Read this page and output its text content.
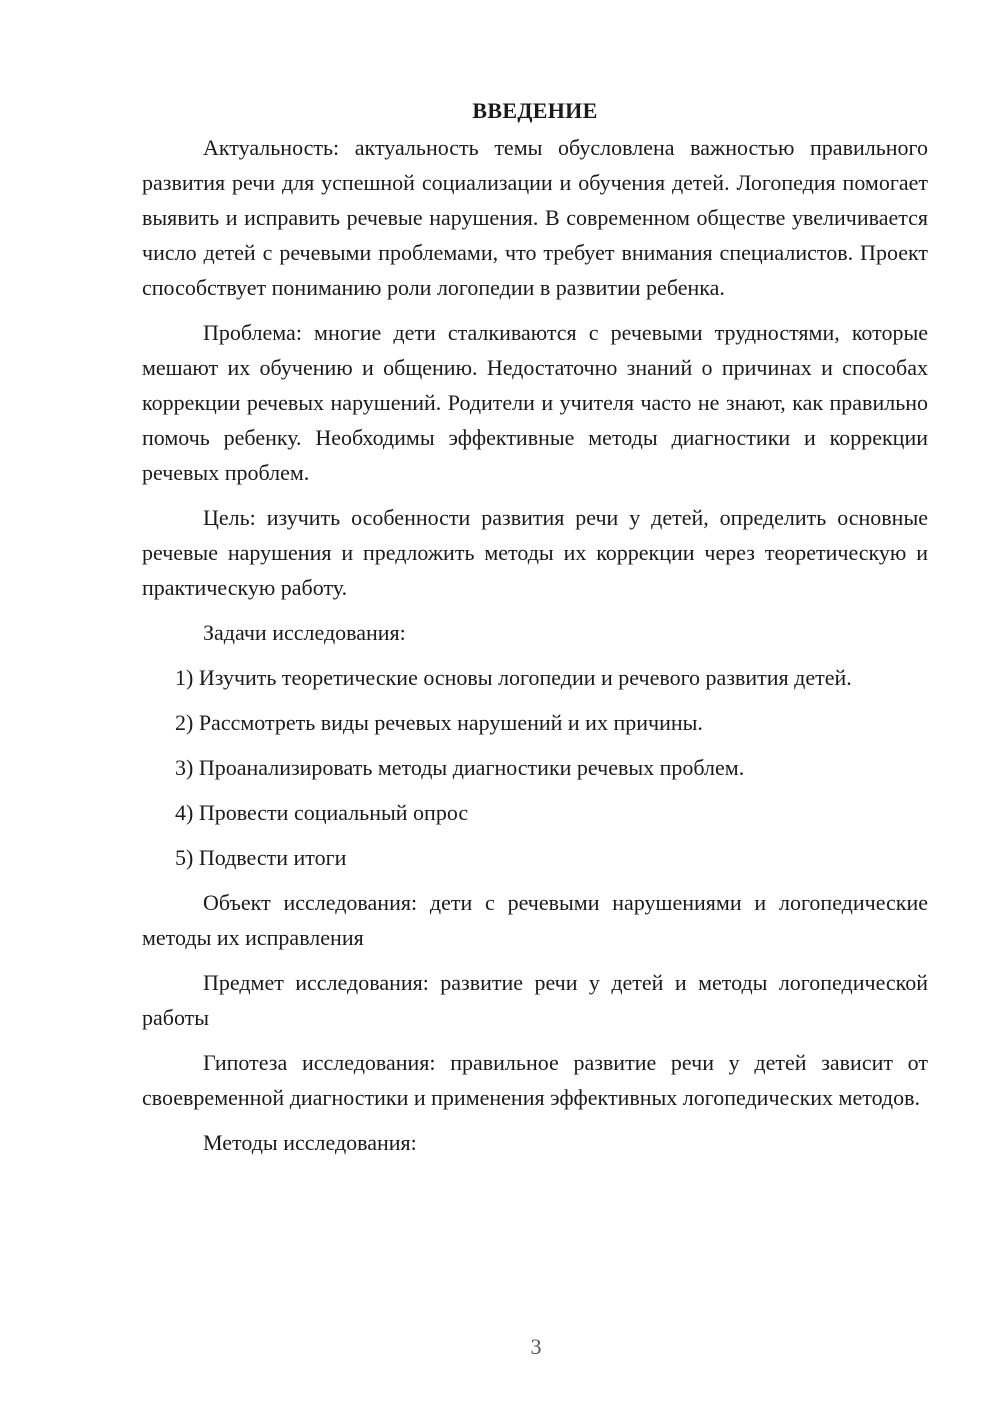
ВВЕДЕНИЕ

Актуальность: актуальность темы обусловлена важностью правильного развития речи для успешной социализации и обучения детей. Логопедия помогает выявить и исправить речевые нарушения. В современном обществе увеличивается число детей с речевыми проблемами, что требует внимания специалистов. Проект способствует пониманию роли логопедии в развитии ребенка.

Проблема: многие дети сталкиваются с речевыми трудностями, которые мешают их обучению и общению. Недостаточно знаний о причинах и способах коррекции речевых нарушений. Родители и учителя часто не знают, как правильно помочь ребенку. Необходимы эффективные методы диагностики и коррекции речевых проблем.

Цель: изучить особенности развития речи у детей, определить основные речевые нарушения и предложить методы их коррекции через теоретическую и практическую работу.

Задачи исследования:

1) Изучить теоретические основы логопедии и речевого развития детей.

2) Рассмотреть виды речевых нарушений и их причины.

3) Проанализировать методы диагностики речевых проблем.

4) Провести социальный опрос

5) Подвести итоги

Объект исследования: дети с речевыми нарушениями и логопедические методы их исправления

Предмет исследования: развитие речи у детей и методы логопедической работы

Гипотеза исследования: правильное развитие речи у детей зависит от своевременной диагностики и применения эффективных логопедических методов.

Методы исследования:

3
